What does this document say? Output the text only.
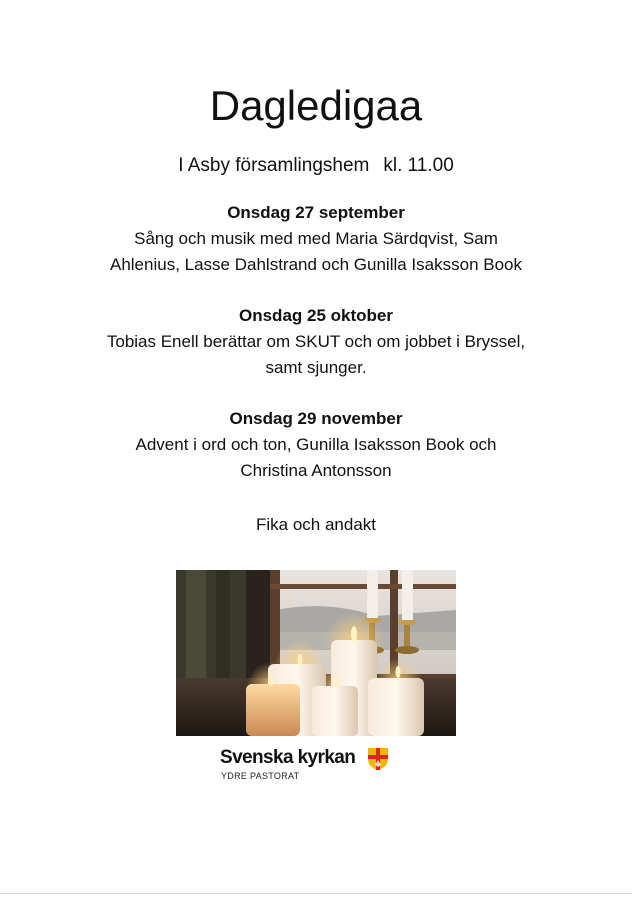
Dagledigaa
I Asby församlingshem kl. 11.00
Onsdag 27 september
Sång och musik med med Maria Särdqvist, Sam
Ahlenius, Lasse Dahlstrand och Gunilla Isaksson Book
Onsdag 25 oktober
Tobias Enell berättar om SKUT och om jobbet i Bryssel,
samt sjunger.
Onsdag 29 november
Advent i ord och ton, Gunilla Isaksson Book och
Christina Antonsson
Fika och andakt
Svenska kyrkan
YDRE PASTORAT
